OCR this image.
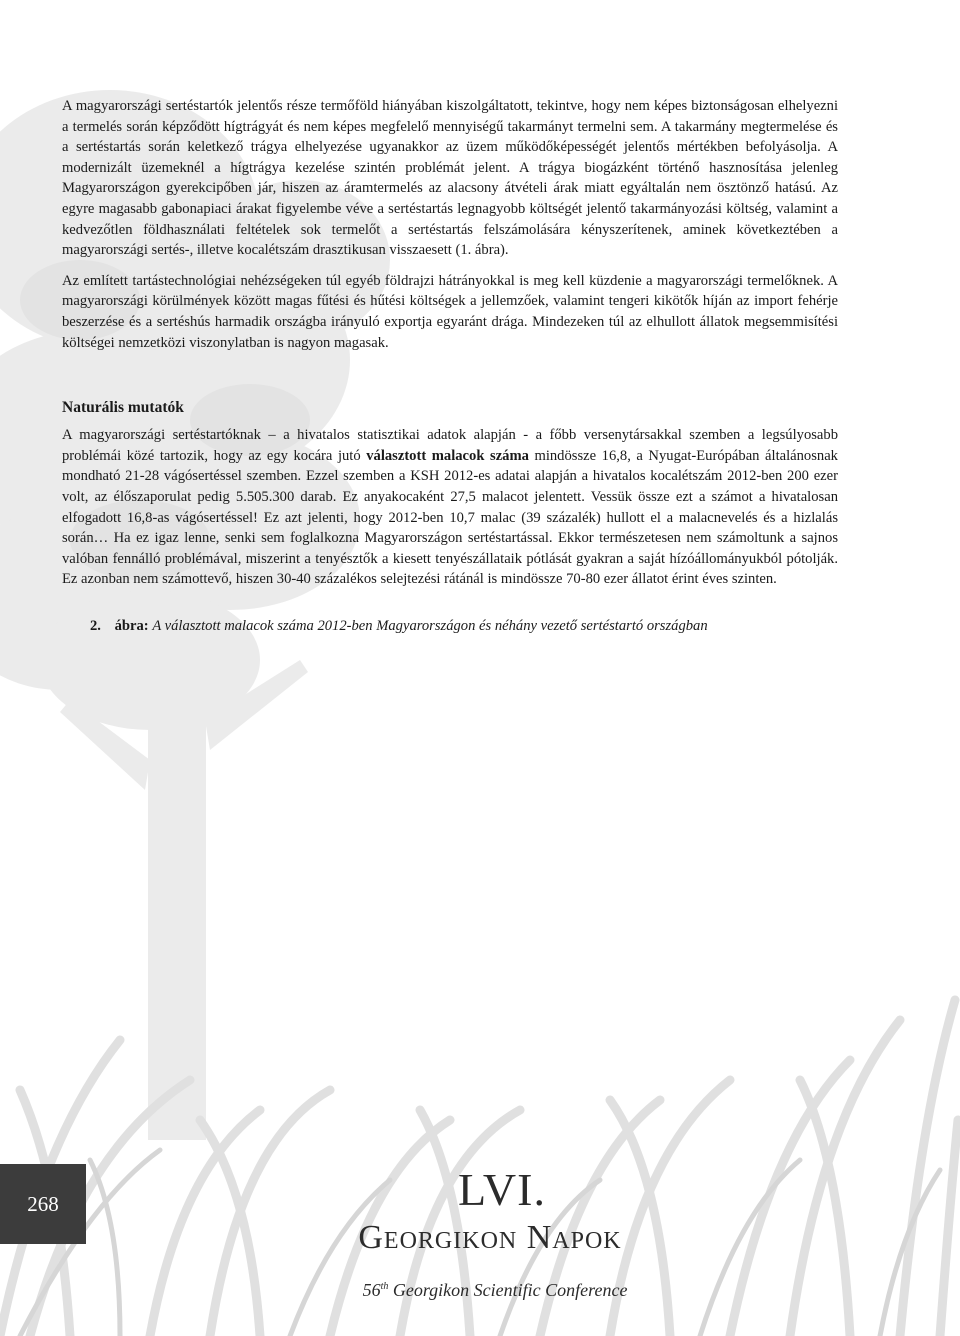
A magyarországi sertéstartók jelentős része termőföld hiányában kiszolgáltatott, tekintve, hogy nem képes biztonságosan elhelyezni a termelés során képződött hígtrágyát és nem képes megfelelő mennyiségű takarmányt termelni sem. A takarmány megtermelése és a sertéstartás során keletkező trágya elhelyezése ugyanakkor az üzem működőképességét jelentős mértékben befolyásolja. A modernizált üzemeknél a hígtrágya kezelése szintén problémát jelent. A trágya biogázként történő hasznosítása jelenleg Magyarországon gyerekcipőben jár, hiszen az áramtermelés az alacsony átvételi árak miatt egyáltalán nem ösztönző hatású. Az egyre magasabb gabonapiaci árakat figyelembe véve a sertéstartás legnagyobb költségét jelentő takarmányozási költség, valamint a kedvezőtlen földhasználati feltételek sok termelőt a sertéstartás felszámolására kényszerítenek, aminek következtében a magyarországi sertés-, illetve kocalétszám drasztikusan visszaesett (1. ábra).

Az említett tartástechnológiai nehézségeken túl egyéb földrajzi hátrányokkal is meg kell küzdenie a magyarországi termelőknek. A magyarországi körülmények között magas fűtési és hűtési költségek a jellemzőek, valamint tengeri kikötők híján az import fehérje beszerzése és a sertéshús harmadik országba irányuló exportja egyaránt drága. Mindezeken túl az elhullott állatok megsemmisítési költségei nemzetközi viszonylatban is nagyon magasak.

Naturális mutatók

A magyarországi sertéstartóknak – a hivatalos statisztikai adatok alapján - a főbb versenytársakkal szemben a legsúlyosabb problémái közé tartozik, hogy az egy kocára jutó választott malacok száma mindössze 16,8, a Nyugat-Európában általánosnak mondható 21-28 vágósertéssel szemben. Ezzel szemben a KSH 2012-es adatai alapján a hivatalos kocalétszám 2012-ben 200 ezer volt, az élőszaporulat pedig 5.505.300 darab. Ez anyakocaként 27,5 malacot jelentett. Vessük össze ezt a számot a hivatalosan elfogadott 16,8-as vágósertéssel! Ez azt jelenti, hogy 2012-ben 10,7 malac (39 százalék) hullott el a malacnevelés és a hizlalás során… Ha ez igaz lenne, senki sem foglalkozna Magyarországon sertéstartással. Ekkor természetesen nem számoltunk a sajnos valóban fennálló problémával, miszerint a tenyésztők a kiesett tenyészállataik pótlását gyakran a saját hízóállományukból pótolják. Ez azonban nem számottevő, hiszen 30-40 százalékos selejtezési rátánál is mindössze 70-80 ezer állatot érint éves szinten.

2. ábra: A választott malacok száma 2012-ben Magyarországon és néhány vezető sertéstartó országban

268	LVI.
Georgikon Napok
56th Georgikon Scientific Conference
